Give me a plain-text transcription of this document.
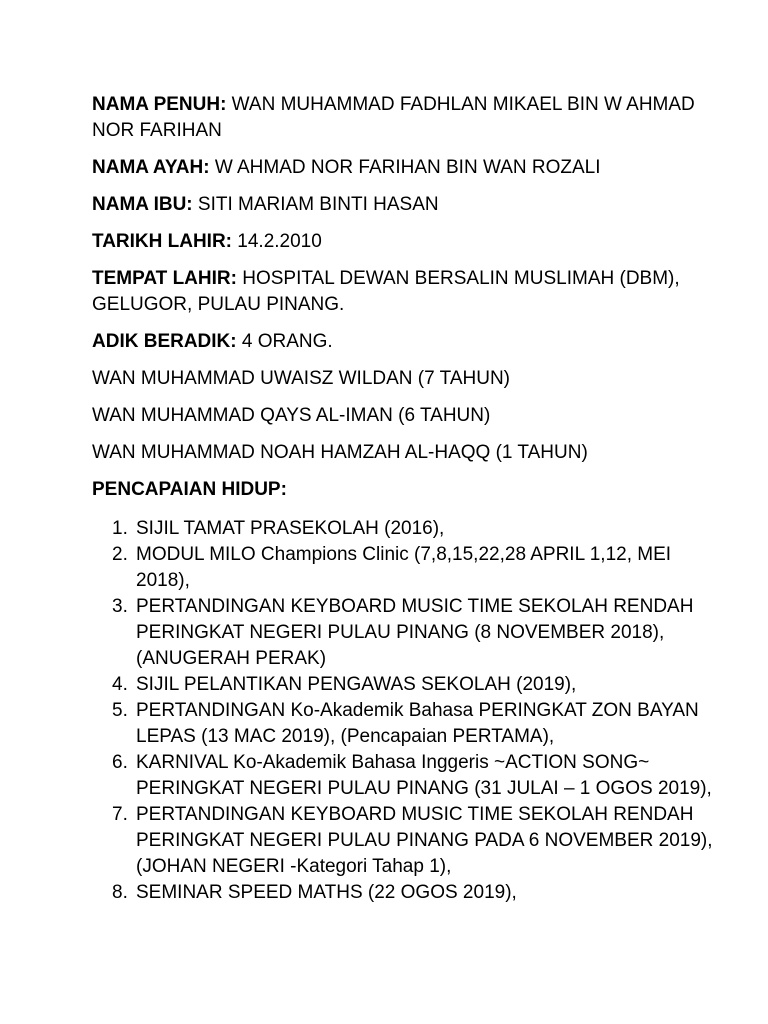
NAMA PENUH: WAN MUHAMMAD FADHLAN MIKAEL BIN W AHMAD NOR FARIHAN
NAMA AYAH: W AHMAD NOR FARIHAN BIN WAN ROZALI
NAMA IBU: SITI MARIAM BINTI HASAN
TARIKH LAHIR: 14.2.2010
TEMPAT LAHIR: HOSPITAL DEWAN BERSALIN MUSLIMAH (DBM), GELUGOR, PULAU PINANG.
ADIK BERADIK: 4 ORANG.
WAN MUHAMMAD UWAISZ WILDAN (7 TAHUN)
WAN MUHAMMAD QAYS AL-IMAN (6 TAHUN)
WAN MUHAMMAD NOAH HAMZAH AL-HAQQ (1 TAHUN)
PENCAPAIAN HIDUP:
1. SIJIL TAMAT PRASEKOLAH (2016),
2. MODUL MILO Champions Clinic (7,8,15,22,28 APRIL 1,12, MEI 2018),
3. PERTANDINGAN KEYBOARD MUSIC TIME SEKOLAH RENDAH PERINGKAT NEGERI PULAU PINANG (8 NOVEMBER 2018), (ANUGERAH PERAK)
4. SIJIL PELANTIKAN PENGAWAS SEKOLAH (2019),
5. PERTANDINGAN Ko-Akademik Bahasa PERINGKAT ZON BAYAN LEPAS (13 MAC 2019), (Pencapaian PERTAMA),
6. KARNIVAL Ko-Akademik Bahasa Inggeris ~ACTION SONG~ PERINGKAT NEGERI PULAU PINANG (31 JULAI – 1 OGOS 2019),
7. PERTANDINGAN KEYBOARD MUSIC TIME SEKOLAH RENDAH PERINGKAT NEGERI PULAU PINANG PADA 6 NOVEMBER 2019), (JOHAN NEGERI -Kategori Tahap 1),
8. SEMINAR SPEED MATHS (22 OGOS 2019),
